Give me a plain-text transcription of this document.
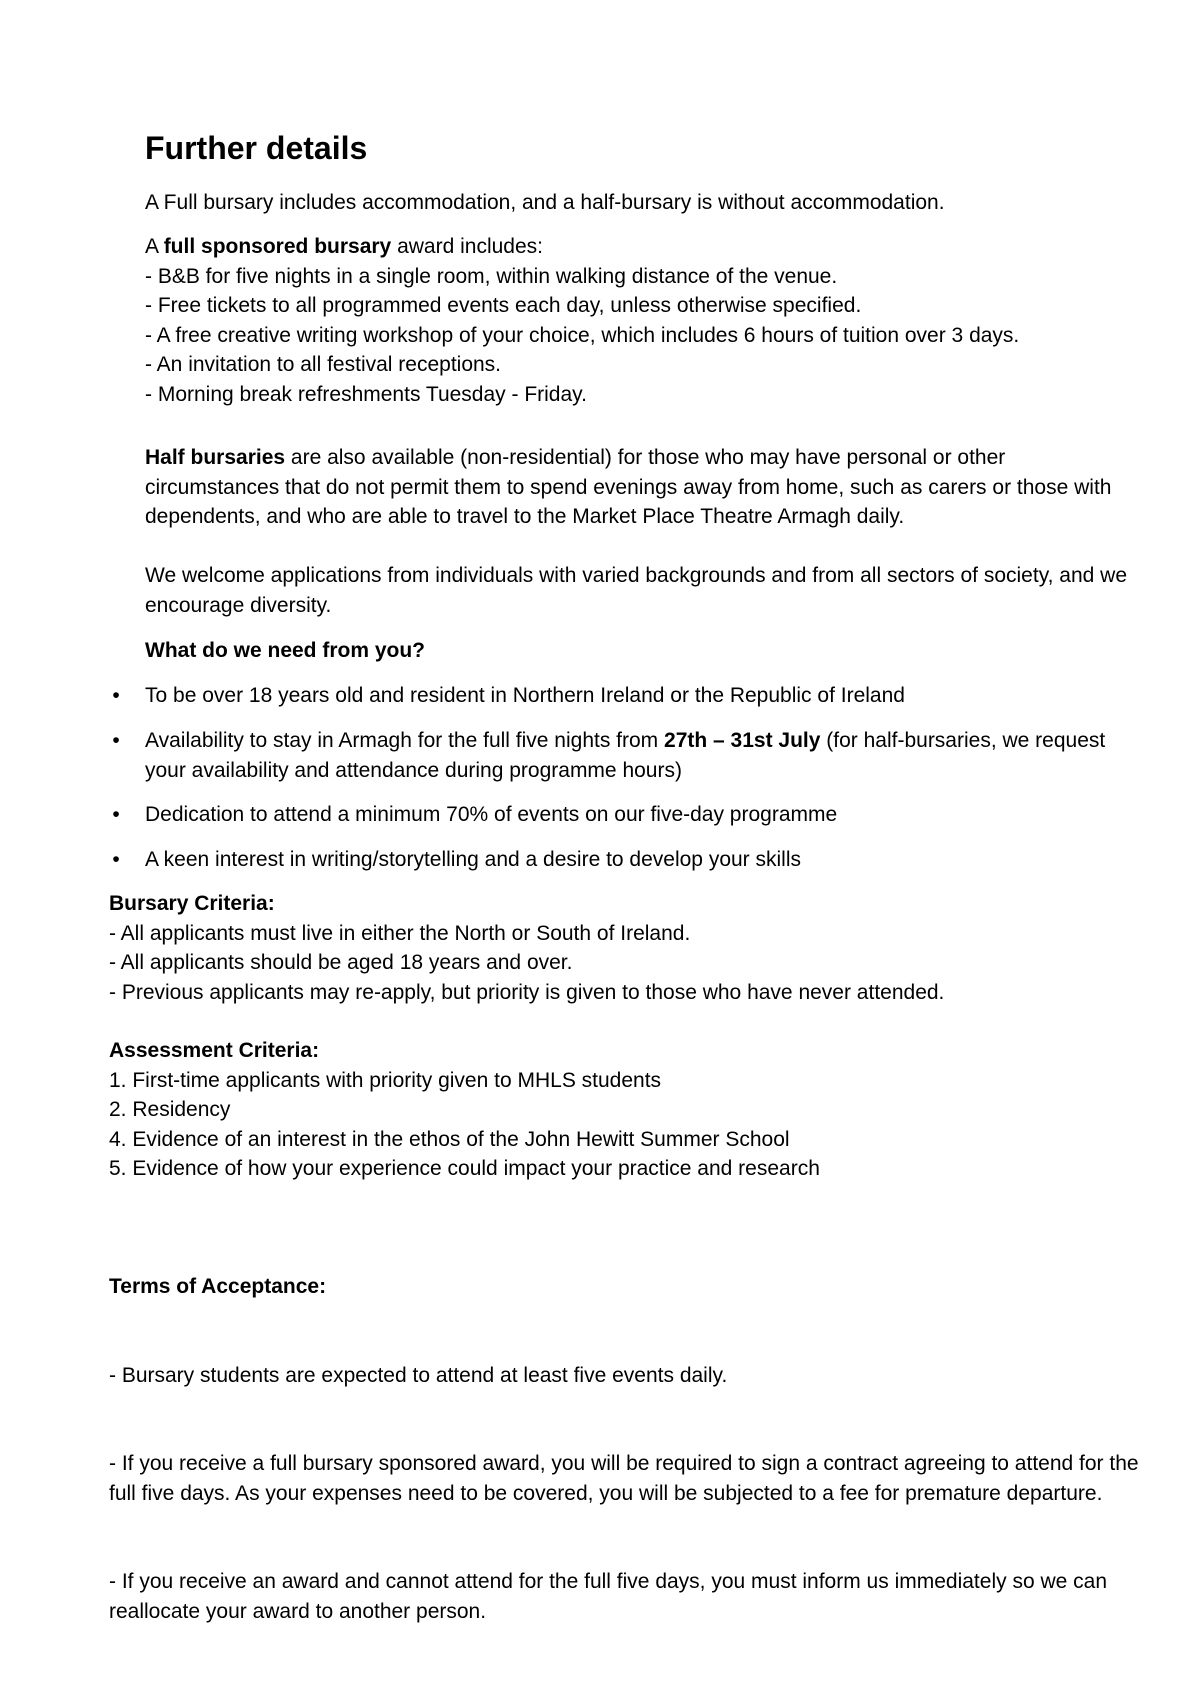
Further details

A Full bursary includes accommodation, and a half-bursary is without accommodation.

A full sponsored bursary award includes:
- B&B for five nights in a single room, within walking distance of the venue.
- Free tickets to all programmed events each day, unless otherwise specified.
- A free creative writing workshop of your choice, which includes 6 hours of tuition over 3 days.
- An invitation to all festival receptions.
- Morning break refreshments Tuesday - Friday.

Half bursaries are also available (non-residential) for those who may have personal or other circumstances that do not permit them to spend evenings away from home, such as carers or those with dependents, and who are able to travel to the Market Place Theatre Armagh daily.

We welcome applications from individuals with varied backgrounds and from all sectors of society, and we encourage diversity.

What do we need from you?

• To be over 18 years old and resident in Northern Ireland or the Republic of Ireland
• Availability to stay in Armagh for the full five nights from 27th – 31st July (for half-bursaries, we request your availability and attendance during programme hours)
• Dedication to attend a minimum 70% of events on our five-day programme
• A keen interest in writing/storytelling and a desire to develop your skills
Bursary Criteria:
- All applicants must live in either the North or South of Ireland.
- All applicants should be aged 18 years and over.
- Previous applicants may re-apply, but priority is given to those who have never attended.
Assessment Criteria:
1. First-time applicants with priority given to MHLS students
2. Residency
4. Evidence of an interest in the ethos of the John Hewitt Summer School
5. Evidence of how your experience could impact your practice and research

Terms of Acceptance:

- Bursary students are expected to attend at least five events daily.

- If you receive a full bursary sponsored award, you will be required to sign a contract agreeing to attend for the full five days. As your expenses need to be covered, you will be subjected to a fee for premature departure.

- If you receive an award and cannot attend for the full five days, you must inform us immediately so we can reallocate your award to another person.
